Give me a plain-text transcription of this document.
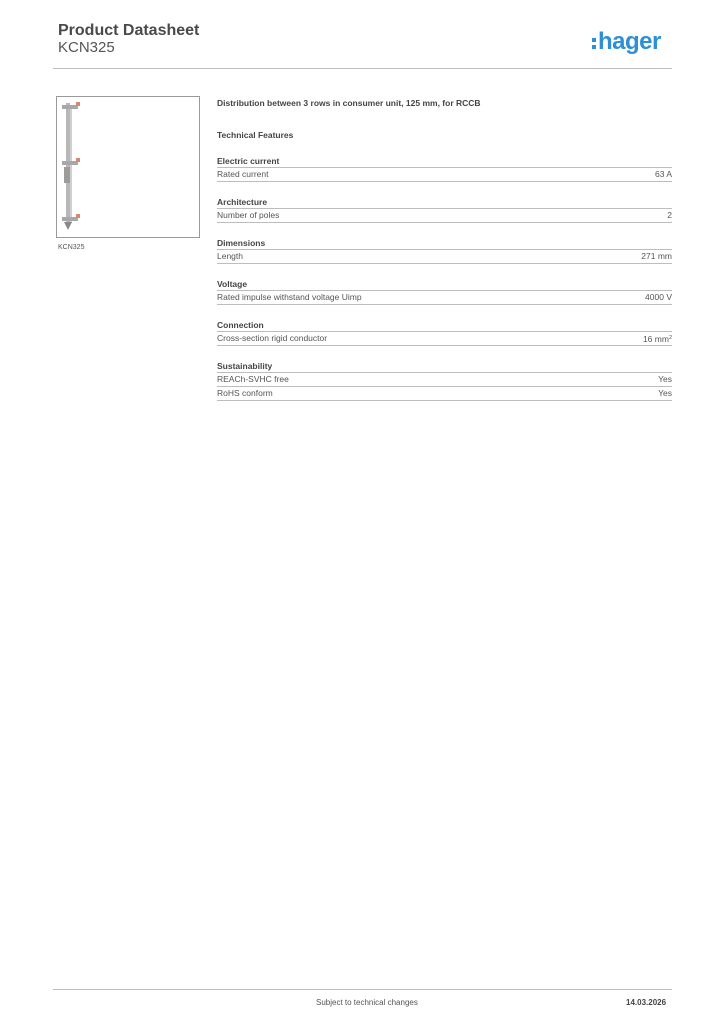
Product Datasheet
KCN325	hager
KCN325

Distribution between 3 rows in consumer unit, 125 mm, for RCCB

Technical Features

Electric current
Rated current	63 A
Architecture
Number of poles	2
Dimensions
Length	271 mm
Voltage
Rated impulse withstand voltage Uimp	4000 V
Connection
Cross-section rigid conductor	16 $mm^2$
Sustainability
REACh-SVHC free	Yes
RoHS conform	Yes
Subject to technical changes	14.03.2026
